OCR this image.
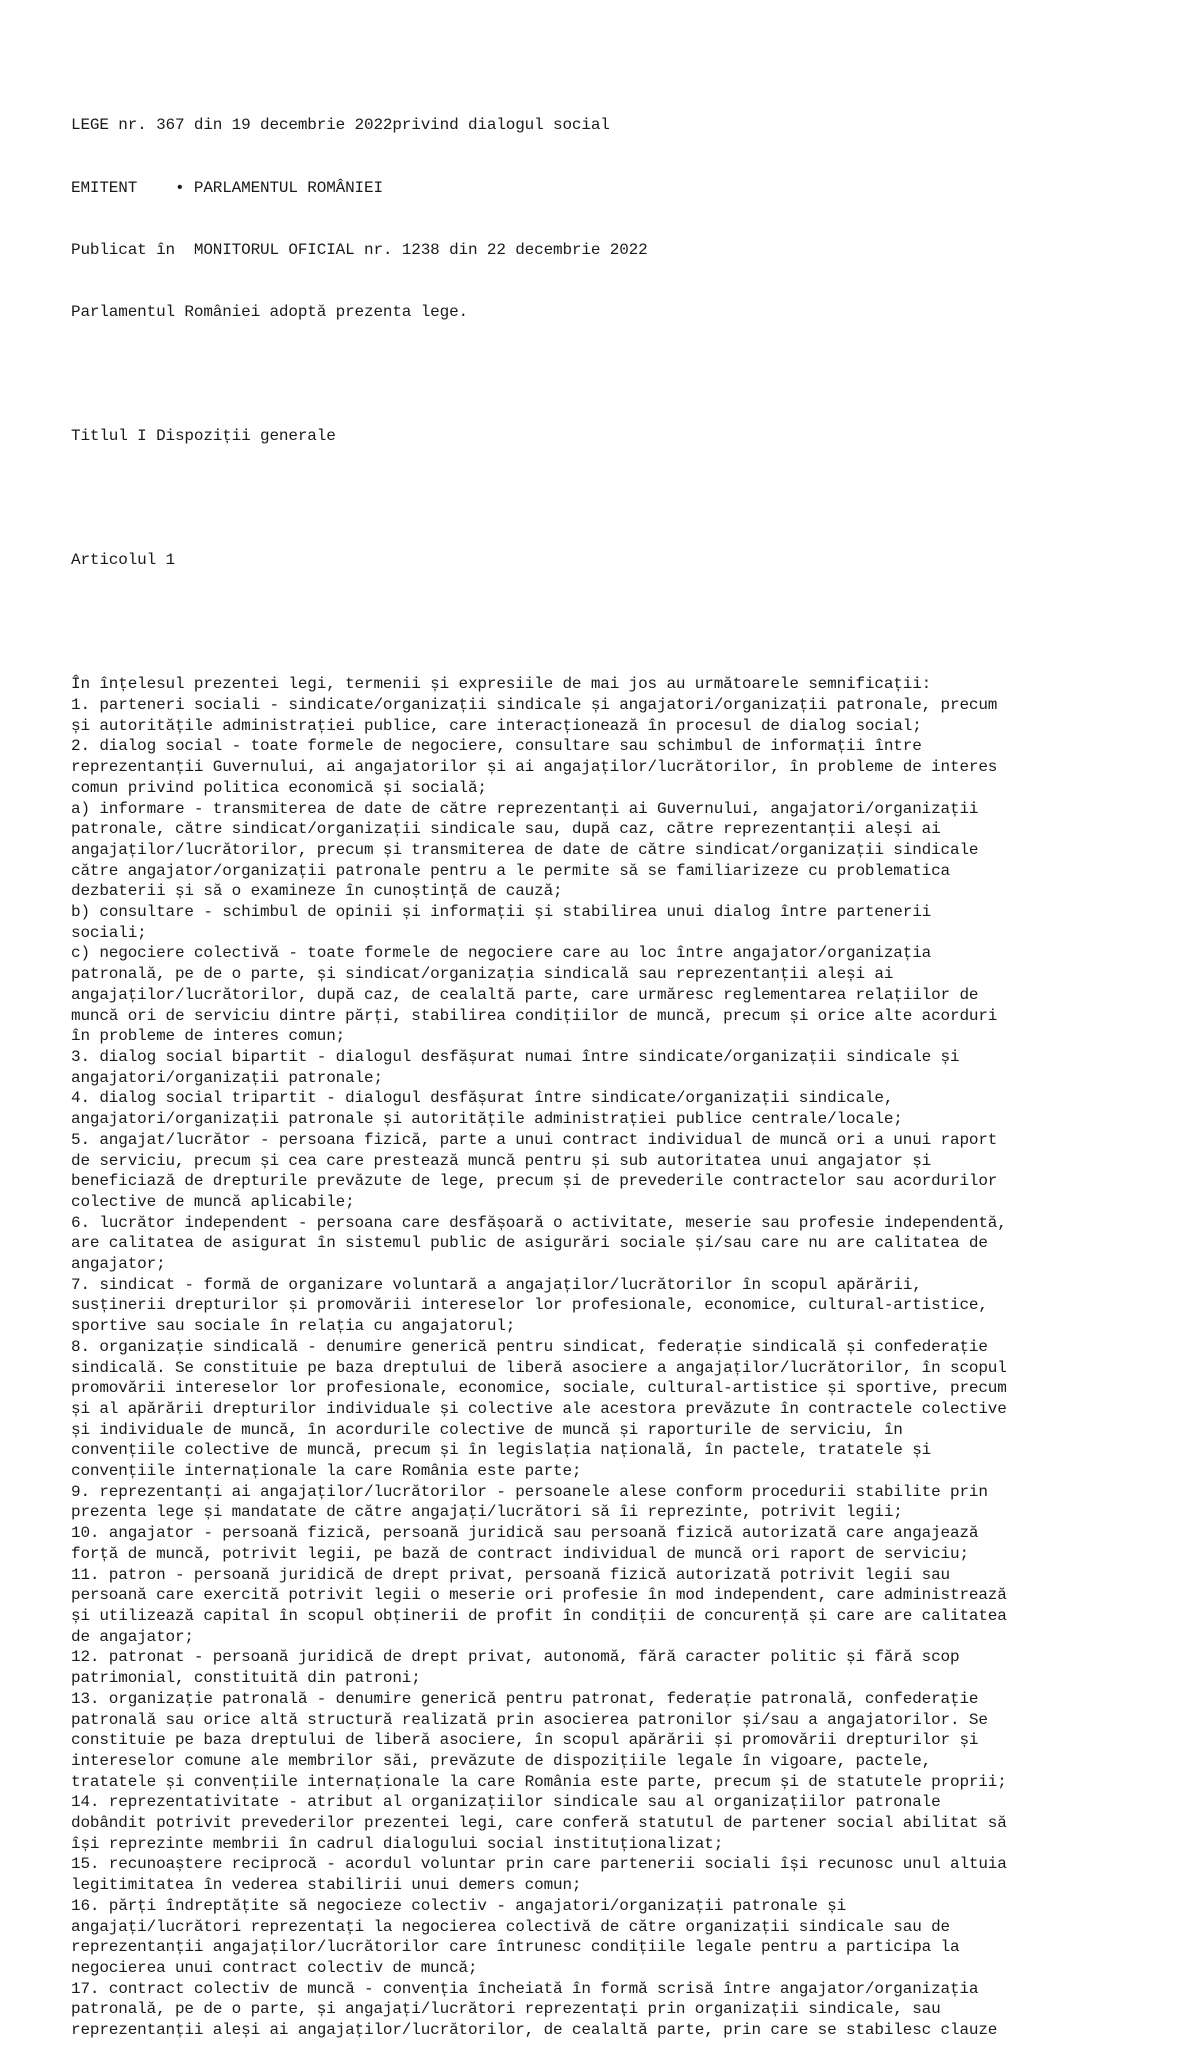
LEGE nr. 367 din 19 decembrie 2022privind dialogul social

EMITENT    • PARLAMENTUL ROMÂNIEI

Publicat în  MONITORUL OFICIAL nr. 1238 din 22 decembrie 2022

Parlamentul României adoptă prezenta lege.

Titlul I Dispoziții generale

Articolul 1

În înțelesul prezentei legi, termenii și expresiile de mai jos au următoarele semnificații:
1. parteneri sociali - sindicate/organizații sindicale și angajatori/organizații patronale, precum
și autoritățile administrației publice, care interacționează în procesul de dialog social;
2. dialog social - toate formele de negociere, consultare sau schimbul de informații între
reprezentanții Guvernului, ai angajatorilor și ai angajaților/lucrătorilor, în probleme de interes
comun privind politica economică și socială;
a) informare - transmiterea de date de către reprezentanți ai Guvernului, angajatori/organizații
patronale, către sindicat/organizații sindicale sau, după caz, către reprezentanții aleși ai
angajaților/lucrătorilor, precum și transmiterea de date de către sindicat/organizații sindicale
către angajator/organizații patronale pentru a le permite să se familiarizeze cu problematica
dezbaterii și să o examineze în cunoștință de cauză;
b) consultare - schimbul de opinii și informații și stabilirea unui dialog între partenerii
sociali;
c) negociere colectivă - toate formele de negociere care au loc între angajator/organizația
patronală, pe de o parte, și sindicat/organizația sindicală sau reprezentanții aleși ai
angajaților/lucrătorilor, după caz, de cealaltă parte, care urmăresc reglementarea relațiilor de
muncă ori de serviciu dintre părți, stabilirea condițiilor de muncă, precum și orice alte acorduri
în probleme de interes comun;
3. dialog social bipartit - dialogul desfășurat numai între sindicate/organizații sindicale și
angajatori/organizații patronale;
4. dialog social tripartit - dialogul desfășurat între sindicate/organizații sindicale,
angajatori/organizații patronale și autoritățile administrației publice centrale/locale;
5. angajat/lucrător - persoana fizică, parte a unui contract individual de muncă ori a unui raport
de serviciu, precum și cea care prestează muncă pentru și sub autoritatea unui angajator și
beneficiază de drepturile prevăzute de lege, precum și de prevederile contractelor sau acordurilor
colective de muncă aplicabile;
6. lucrător independent - persoana care desfășoară o activitate, meserie sau profesie independentă,
are calitatea de asigurat în sistemul public de asigurări sociale și/sau care nu are calitatea de
angajator;
7. sindicat - formă de organizare voluntară a angajaților/lucrătorilor în scopul apărării,
susținerii drepturilor și promovării intereselor lor profesionale, economice, cultural-artistice,
sportive sau sociale în relația cu angajatorul;
8. organizație sindicală - denumire generică pentru sindicat, federație sindicală și confederație
sindicală. Se constituie pe baza dreptului de liberă asociere a angajaților/lucrătorilor, în scopul
promovării intereselor lor profesionale, economice, sociale, cultural-artistice și sportive, precum
și al apărării drepturilor individuale și colective ale acestora prevăzute în contractele colective
și individuale de muncă, în acordurile colective de muncă și raporturile de serviciu, în
convențiile colective de muncă, precum și în legislația națională, în pactele, tratatele și
convențiile internaționale la care România este parte;
9. reprezentanți ai angajaților/lucrătorilor - persoanele alese conform procedurii stabilite prin
prezenta lege și mandatate de către angajați/lucrători să îi reprezinte, potrivit legii;
10. angajator - persoană fizică, persoană juridică sau persoană fizică autorizată care angajează
forță de muncă, potrivit legii, pe bază de contract individual de muncă ori raport de serviciu;
11. patron - persoană juridică de drept privat, persoană fizică autorizată potrivit legii sau
persoană care exercită potrivit legii o meserie ori profesie în mod independent, care administrează
și utilizează capital în scopul obținerii de profit în condiții de concurență și care are calitatea
de angajator;
12. patronat - persoană juridică de drept privat, autonomă, fără caracter politic și fără scop
patrimonial, constituită din patroni;
13. organizație patronală - denumire generică pentru patronat, federație patronală, confederație
patronală sau orice altă structură realizată prin asocierea patronilor și/sau a angajatorilor. Se
constituie pe baza dreptului de liberă asociere, în scopul apărării și promovării drepturilor și
intereselor comune ale membrilor săi, prevăzute de dispozițiile legale în vigoare, pactele,
tratatele și convențiile internaționale la care România este parte, precum și de statutele proprii;
14. reprezentativitate - atribut al organizațiilor sindicale sau al organizațiilor patronale
dobândit potrivit prevederilor prezentei legi, care conferă statutul de partener social abilitat să
își reprezinte membrii în cadrul dialogului social instituționalizat;
15. recunoaștere reciprocă - acordul voluntar prin care partenerii sociali își recunosc unul altuia
legitimitatea în vederea stabilirii unui demers comun;
16. părți îndreptățite să negocieze colectiv - angajatori/organizații patronale și
angajați/lucrători reprezentați la negocierea colectivă de către organizații sindicale sau de
reprezentanții angajaților/lucrătorilor care întrunesc condițiile legale pentru a participa la
negocierea unui contract colectiv de muncă;
17. contract colectiv de muncă - convenția încheiată în formă scrisă între angajator/organizația
patronală, pe de o parte, și angajați/lucrători reprezentați prin organizații sindicale, sau
reprezentanții aleși ai angajaților/lucrătorilor, de cealaltă parte, prin care se stabilesc clauze
